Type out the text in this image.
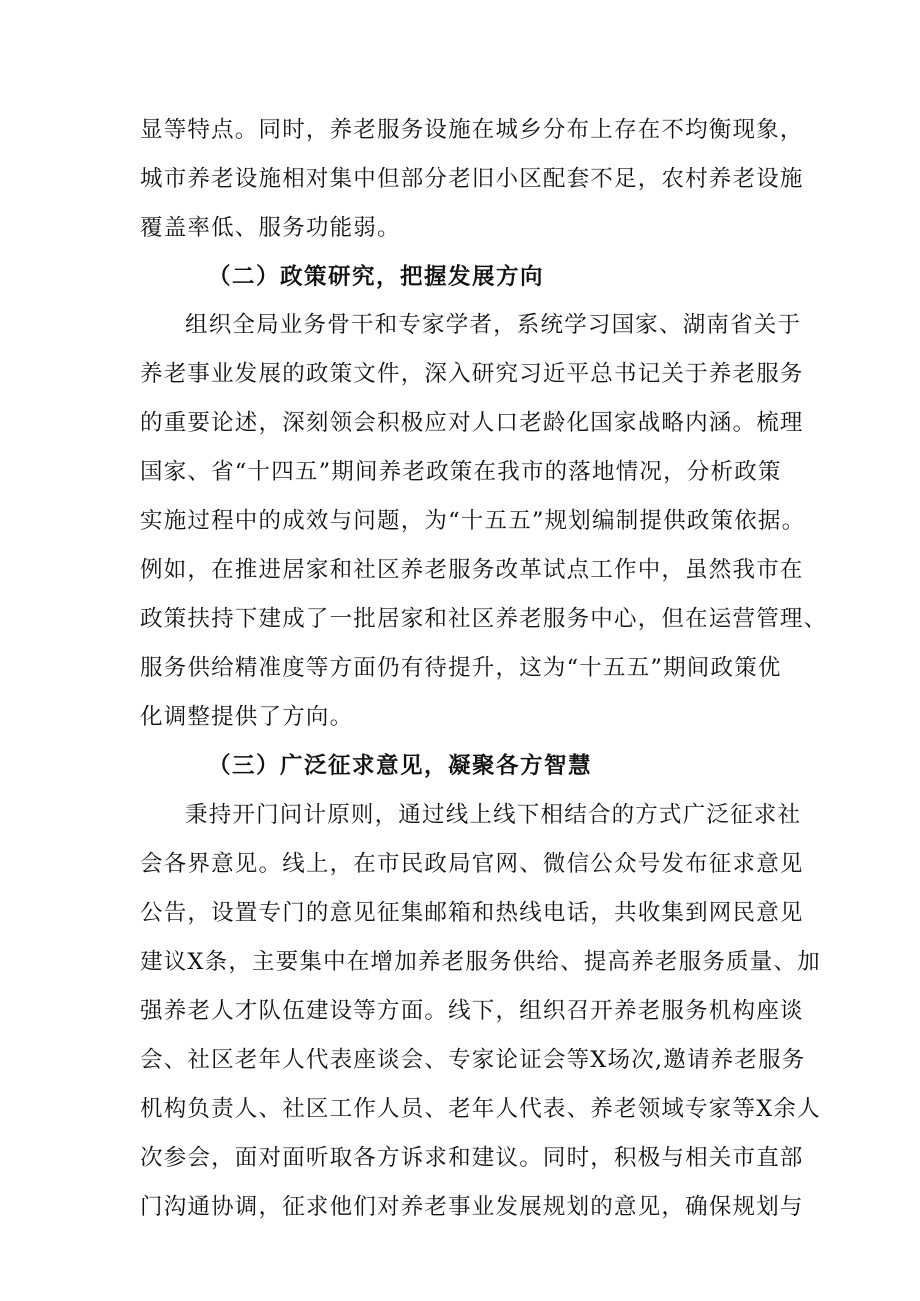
显等特点。同时，养老服务设施在城乡分布上存在不均衡现象，
城市养老设施相对集中但部分老旧小区配套不足，农村养老设施
覆盖率低、服务功能弱。
（二）政策研究，把握发展方向
组织全局业务骨干和专家学者，系统学习国家、湖南省关于
养老事业发展的政策文件，深入研究习近平总书记关于养老服务
的重要论述，深刻领会积极应对人口老龄化国家战略内涵。梳理
国家、省“十四五”期间养老政策在我市的落地情况，分析政策
实施过程中的成效与问题，为“十五五”规划编制提供政策依据。
例如，在推进居家和社区养老服务改革试点工作中，虽然我市在
政策扶持下建成了一批居家和社区养老服务中心，但在运营管理、
服务供给精准度等方面仍有待提升，这为“十五五”期间政策优
化调整提供了方向。
（三）广泛征求意见，凝聚各方智慧
秉持开门问计原则，通过线上线下相结合的方式广泛征求社
会各界意见。线上，在市民政局官网、微信公众号发布征求意见
公告，设置专门的意见征集邮箱和热线电话，共收集到网民意见
建议X条，主要集中在增加养老服务供给、提高养老服务质量、加
强养老人才队伍建设等方面。线下，组织召开养老服务机构座谈
会、社区老年人代表座谈会、专家论证会等X场次,邀请养老服务
机构负责人、社区工作人员、老年人代表、养老领域专家等X余人
次参会，面对面听取各方诉求和建议。同时，积极与相关市直部
门沟通协调，征求他们对养老事业发展规划的意见，确保规划与
